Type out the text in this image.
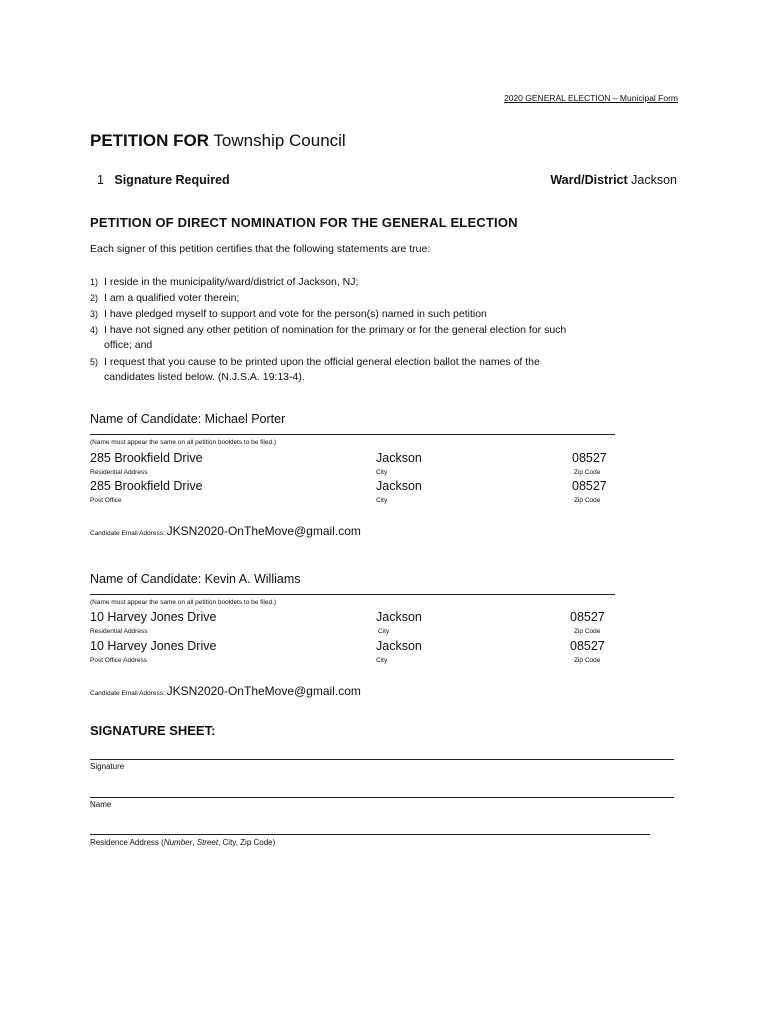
2020 GENERAL ELECTION – Municipal Form
PETITION FOR Township Council
1 Signature Required	Ward/District Jackson
PETITION OF DIRECT NOMINATION FOR THE GENERAL ELECTION
Each signer of this petition certifies that the following statements are true:
1) I reside in the municipality/ward/district of Jackson, NJ;
2) I am a qualified voter therein;
3) I have pledged myself to support and vote for the person(s) named in such petition
4) I have not signed any other petition of nomination for the primary or for the general election for such
office; and
5) I request that you cause to be printed upon the official general election ballot the names of the
candidates listed below. (N.J.S.A. 19:13-4).
Name of Candidate: Michael Porter
(Name must appear the same on all petition booklets to be filed.)
285 Brookfield Drive	Jackson	08527
Residential Address	City	Zip Code
285 Brookfield Drive	Jackson	08527
Post Office	City	Zip Code
Candidate Email Address: JKSN2020-OnTheMove@gmail.com
Name of Candidate: Kevin A. Williams
(Name must appear the same on all petition booklets to be filed.)
10 Harvey Jones Drive	Jackson	08527
Residential Address	City	Zip Code
10 Harvey Jones Drive	Jackson	08527
Post Office Address	City	Zip Code
Candidate Email Address: JKSN2020-OnTheMove@gmail.com
SIGNATURE SHEET:
Signature
Name
Residence Address (Number, Street, City, Zip Code)
